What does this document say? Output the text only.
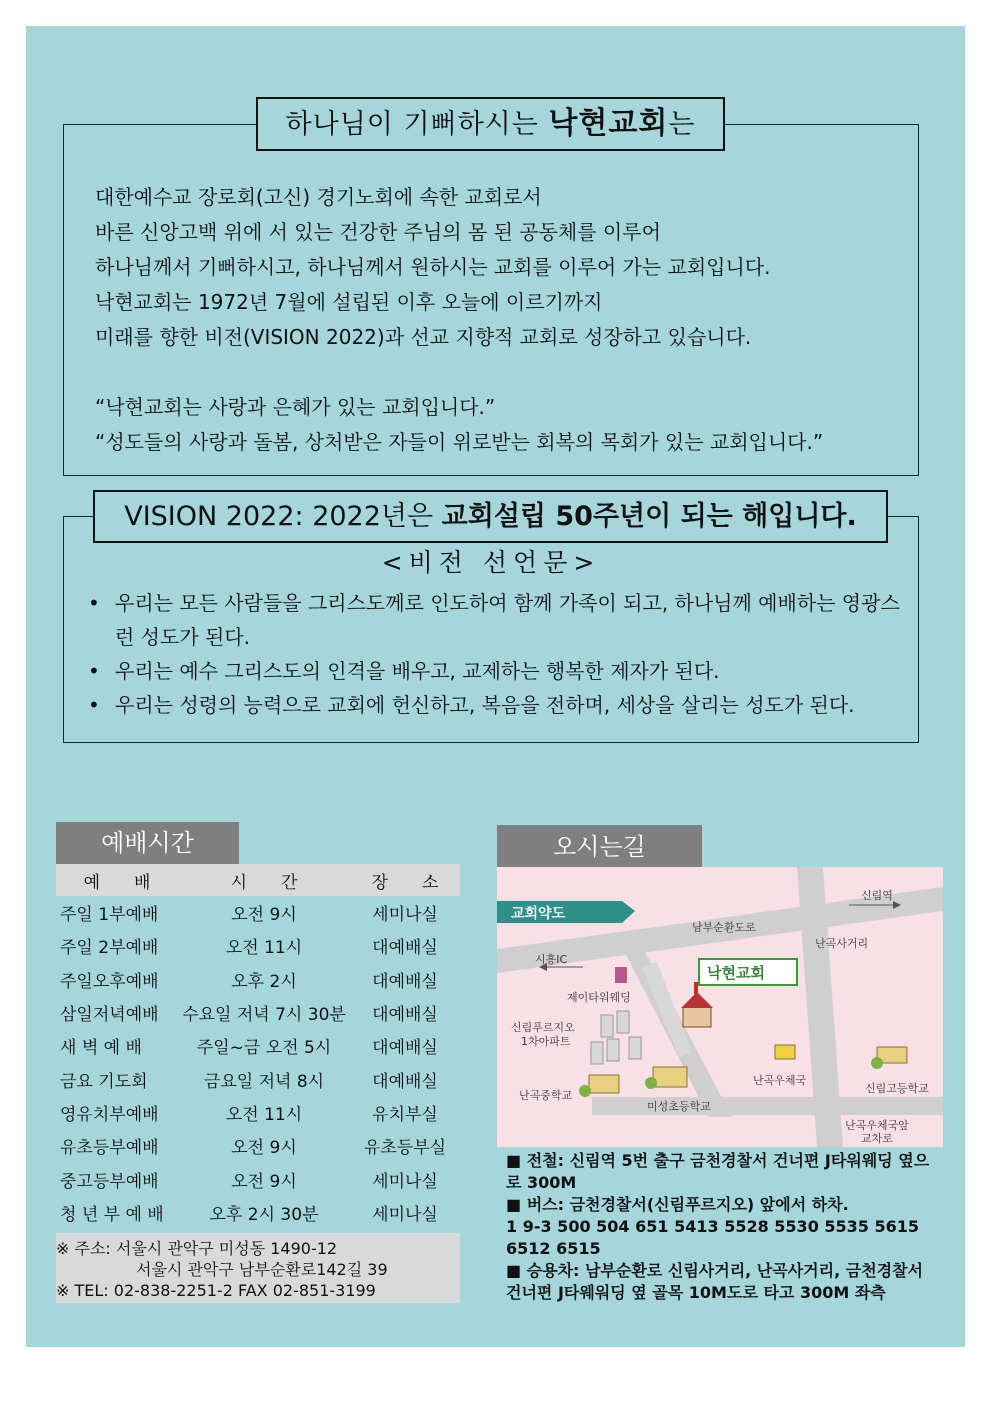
하나님이 기뻐하시는 낙현교회는

대한예수교 장로회(고신) 경기노회에 속한 교회로서

바른 신앙고백 위에 서 있는 건강한 주님의 몸 된 공동체를 이루어

하나님께서 기뻐하시고, 하나님께서 원하시는 교회를 이루어 가는 교회입니다.

낙현교회는 1972년 7월에 설립된 이후 오늘에 이르기까지

미래를 향한 비전(VISION 2022)과 선교 지향적 교회로 성장하고 있습니다.

“낙현교회는 사랑과 은혜가 있는 교회입니다.”

“성도들의 사랑과 돌봄, 상처받은 자들이 위로받는 회복의 목회가 있는 교회입니다.”

VISION 2022: 2022년은 교회설립 50주년이 되는 해입니다.
<비전 선언문>
• 우리는 모든 사람들을 그리스도께로 인도하여 함께 가족이 되고, 하나님께 예배하는 영광스런 성도가 된다.
• 우리는 예수 그리스도의 인격을 배우고, 교제하는 행복한 제자가 된다.
• 우리는 성령의 능력으로 교회에 헌신하고, 복음을 전하며, 세상을 살리는 성도가 된다.
예배시간
예　　배	시　　간	장　　소
주일 1부예배	오전 9시	세미나실
주일 2부예배	오전 11시	대예배실
주일오후예배	오후 2시	대예배실
삼일저녁예배	수요일 저녁 7시 30분	대예배실
새 벽 예 배	주일~금 오전 5시	대예배실
금요 기도회	금요일 저녁 8시	대예배실
영유치부예배	오전 11시	유치부실
유초등부예배	오전 9시	유초등부실
중고등부예배	오전 9시	세미나실
청 년 부 예 배	오후 2시 30분	세미나실
※ 주소: 서울시 관악구 미성동 1490-12
서울시 관악구 남부순환로142길 39
※ TEL: 02-838-2251-2 FAX 02-851-3199
오시는길
교회약도
낙현교회
신림역
남부순환도로
난곡사거리
시흥IC
제이타워웨딩
신림푸르지오
1차아파트
난곡우체국
난곡중학교
미성초등학교
신림고등학교
난곡우체국앞
교차로

■ 전철: 신림역 5번 출구 금천경찰서 건너편 J타워웨딩 옆으로 300M

■ 버스: 금천경찰서(신림푸르지오) 앞에서 하차.

1 9-3 500 504 651 5413 5528 5530 5535 5615 6512 6515

■ 승용차: 남부순환로 신림사거리, 난곡사거리, 금천경찰서 건너편 J타웨워딩 옆 골목 10M도로 타고 300M 좌측
